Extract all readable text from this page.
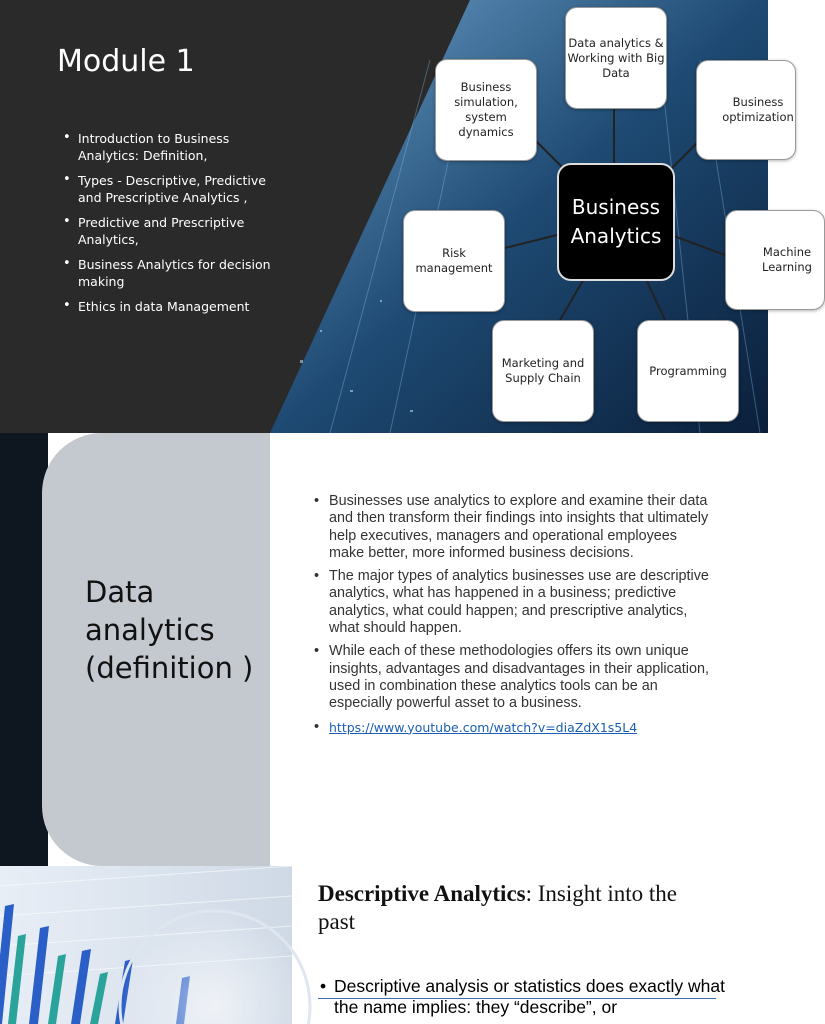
Module 1
• Introduction to Business Analytics: Definition,
• Types - Descriptive, Predictive and Prescriptive Analytics ,
• Predictive and Prescriptive Analytics,
• Business Analytics for decision making
• Ethics in data Management
Business Analytics
Data analytics & Working with Big Data
Business simulation, system dynamics
Business optimization
Risk management
Machine Learning
Marketing and Supply Chain
Programming
Data analytics (definition )
• Businesses use analytics to explore and examine their data and then transform their findings into insights that ultimately help executives, managers and operational employees make better, more informed business decisions.
• The major types of analytics businesses use are descriptive analytics, what has happened in a business; predictive analytics, what could happen; and prescriptive analytics, what should happen.
• While each of these methodologies offers its own unique insights, advantages and disadvantages in their application, used in combination these analytics tools can be an especially powerful asset to a business.
• https://www.youtube.com/watch?v=diaZdX1s5L4
Descriptive Analytics: Insight into the past
• Descriptive analysis or statistics does exactly what the name implies: they “describe”, or
